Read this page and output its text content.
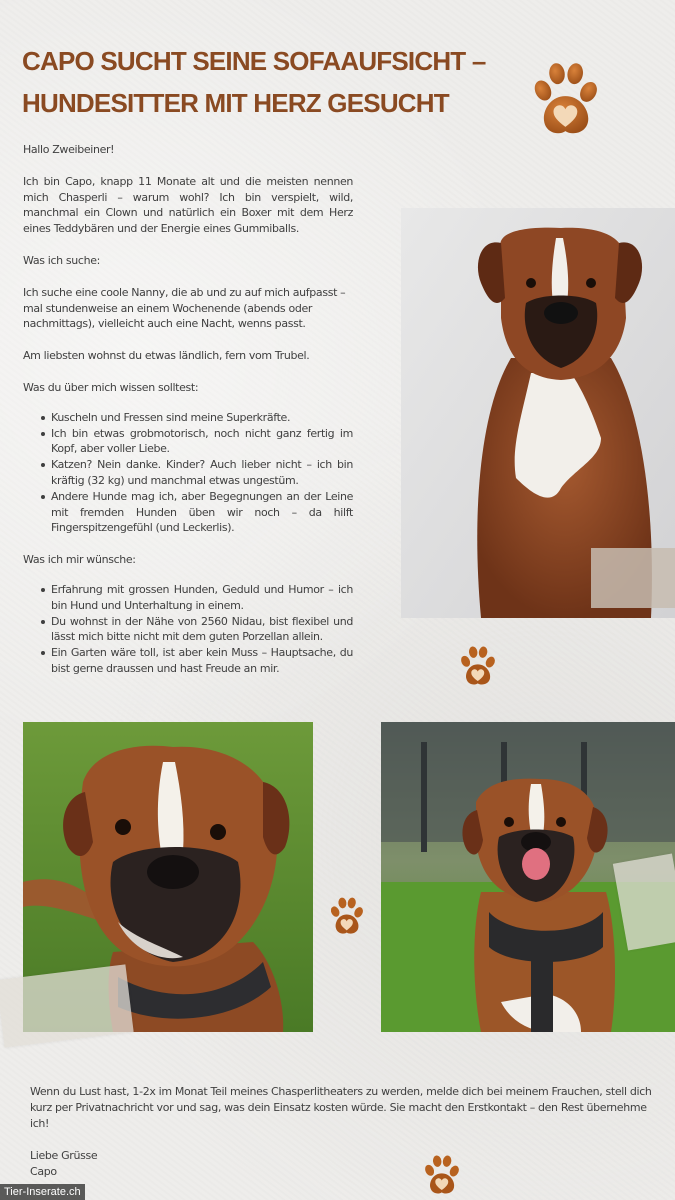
CAPO SUCHT SEINE SOFAAUFSICHT –
HUNDESITTER MIT HERZ GESUCHT

Hallo Zweibeiner!

Ich bin Capo, knapp 11 Monate alt und die meisten nennen mich Chasperli – warum wohl? Ich bin verspielt, wild, manchmal ein Clown und natürlich ein Boxer mit dem Herz eines Teddybären und der Energie eines Gummiballs.

Was ich suche:

Ich suche eine coole Nanny, die ab und zu auf mich aufpasst – mal stundenweise an einem Wochenende (abends oder nachmittags), vielleicht auch eine Nacht, wenns passt.

Am liebsten wohnst du etwas ländlich, fern vom Trubel.

Was du über mich wissen solltest:

Kuscheln und Fressen sind meine Superkräfte.
Ich bin etwas grobmotorisch, noch nicht ganz fertig im Kopf, aber voller Liebe.
Katzen? Nein danke. Kinder? Auch lieber nicht – ich bin kräftig (32 kg) und manchmal etwas ungestüm.
Andere Hunde mag ich, aber Begegnungen an der Leine mit fremden Hunden üben wir noch – da hilft Fingerspitzengefühl (und Leckerlis).

Was ich mir wünsche:

Erfahrung mit grossen Hunden, Geduld und Humor – ich bin Hund und Unterhaltung in einem.
Du wohnst in der Nähe von 2560 Nidau, bist flexibel und lässt mich bitte nicht mit dem guten Porzellan allein.
Ein Garten wäre toll, ist aber kein Muss – Hauptsache, du bist gerne draussen und hast Freude an mir.

Wenn du Lust hast, 1-2x im Monat Teil meines Chasperlitheaters zu werden, melde dich bei meinem Frauchen, stell dich kurz per Privatnachricht vor und sag, was dein Einsatz kosten würde. Sie macht den Erstkontakt – den Rest übernehme ich!

Liebe Grüsse
Capo
Tier-Inserate.ch
